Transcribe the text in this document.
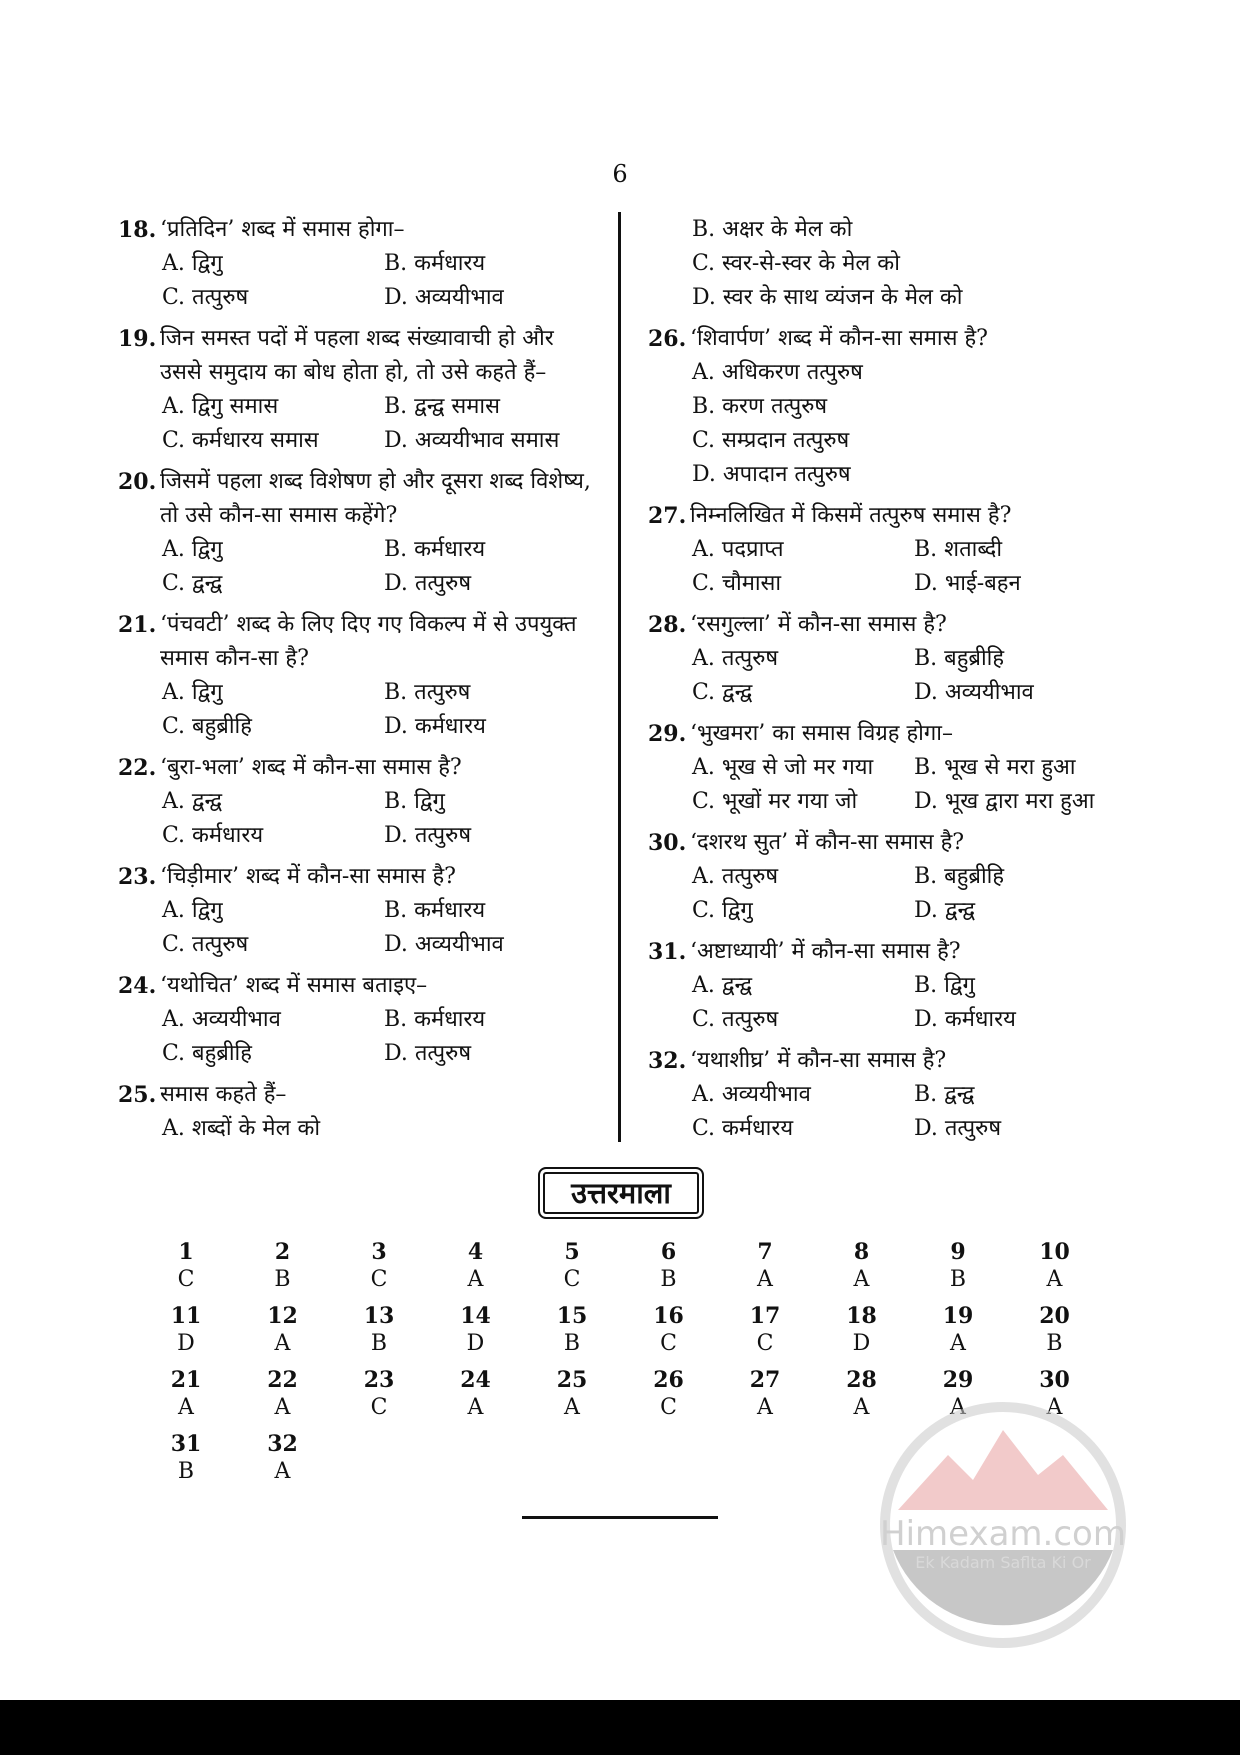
6
18. ‘प्रतिदिन’ शब्द में समास होगा–
A. द्विगु	B. कर्मधारय
C. तत्पुरुष	D. अव्ययीभाव
19. जिन समस्त पदों में पहला शब्द संख्यावाची हो और उससे समुदाय का बोध होता हो, तो उसे कहते हैं–
A. द्विगु समास	B. द्वन्द्व समास
C. कर्मधारय समास	D. अव्ययीभाव समास
20. जिसमें पहला शब्द विशेषण हो और दूसरा शब्द विशेष्य, तो उसे कौन-सा समास कहेंगे?
A. द्विगु	B. कर्मधारय
C. द्वन्द्व	D. तत्पुरुष
21. ‘पंचवटी’ शब्द के लिए दिए गए विकल्प में से उपयुक्त समास कौन-सा है?
A. द्विगु	B. तत्पुरुष
C. बहुब्रीहि	D. कर्मधारय
22. ‘बुरा-भला’ शब्द में कौन-सा समास है?
A. द्वन्द्व	B. द्विगु
C. कर्मधारय	D. तत्पुरुष
23. ‘चिड़ीमार’ शब्द में कौन-सा समास है?
A. द्विगु	B. कर्मधारय
C. तत्पुरुष	D. अव्ययीभाव
24. ‘यथोचित’ शब्द में समास बताइए–
A. अव्ययीभाव	B. कर्मधारय
C. बहुब्रीहि	D. तत्पुरुष
25. समास कहते हैं–
A. शब्दों के मेल को
B. अक्षर के मेल को
C. स्वर-से-स्वर के मेल को
D. स्वर के साथ व्यंजन के मेल को
26. ‘शिवार्पण’ शब्द में कौन-सा समास है?
A. अधिकरण तत्पुरुष
B. करण तत्पुरुष
C. सम्प्रदान तत्पुरुष
D. अपादान तत्पुरुष
27. निम्नलिखित में किसमें तत्पुरुष समास है?
A. पदप्राप्त	B. शताब्दी
C. चौमासा	D. भाई-बहन
28. ‘रसगुल्ला’ में कौन-सा समास है?
A. तत्पुरुष	B. बहुब्रीहि
C. द्वन्द्व	D. अव्ययीभाव
29. ‘भुखमरा’ का समास विग्रह होगा–
A. भूख से जो मर गया	B. भूख से मरा हुआ
C. भूखों मर गया जो	D. भूख द्वारा मरा हुआ
30. ‘दशरथ सुत’ में कौन-सा समास है?
A. तत्पुरुष	B. बहुब्रीहि
C. द्विगु	D. द्वन्द्व
31. ‘अष्टाध्यायी’ में कौन-सा समास है?
A. द्वन्द्व	B. द्विगु
C. तत्पुरुष	D. कर्मधारय
32. ‘यथाशीघ्र’ में कौन-सा समास है?
A. अव्ययीभाव	B. द्वन्द्व
C. कर्मधारय	D. तत्पुरुष
उत्तरमाला
1
C
2
B
3
C
4
A
5
C
6
B
7
A
8
A
9
B
10
A
11
D
12
A
13
B
14
D
15
B
16
C
17
C
18
D
19
A
20
B
21
A
22
A
23
C
24
A
25
A
26
C
27
A
28
A
29
A
30
A
31
B
32
A
Himexam.com
Ek Kadam Saflta Ki Or
